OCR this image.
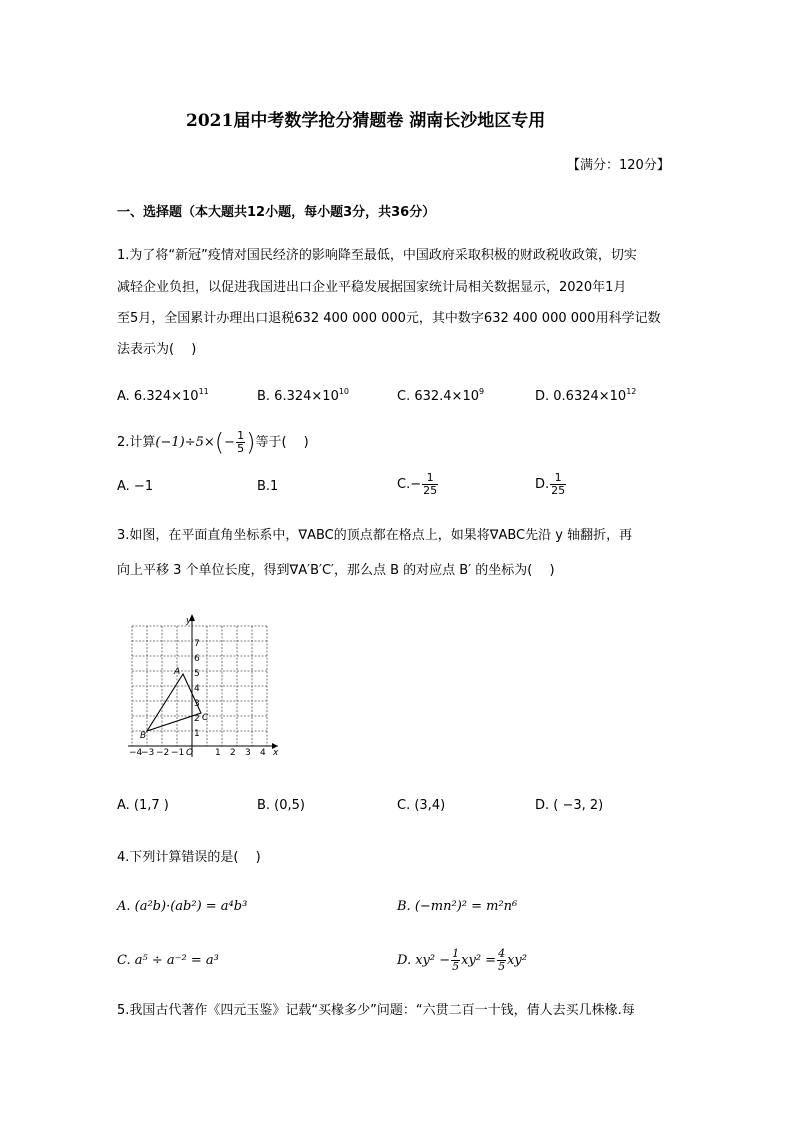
2021届中考数学抢分猜题卷 湖南长沙地区专用
【满分：120分】
一、选择题（本大题共12小题，每小题3分，共36分）
1.为了将“新冠”疫情对国民经济的影响降至最低，中国政府采取积极的财政税收政策，切实
减轻企业负担，以促进我国进出口企业平稳发展据国家统计局相关数据显示，2020年1月
至5月，全国累计办理出口退税632 400 000 000元，其中数字632 400 000 000用科学记数
法表示为(　 )
A. $6.324\times 10^{11}$	B. $6.324\times 10^{10}$	C. $632.4\times 10^9$	D. $0.6324\times 10^{12}$
2.计算$(-1)\div 5\times(- \frac{1}{5}$ )等于(　 )
A. −1	B.1	$C.- \frac{1}{25}$	D. $\frac{1}{25}$
3.如图，在平面直角坐标系中，∇ABC的顶点都在格点上，如果将∇ABC先沿 y 轴翻折，再
向上平移 3 个单位长度，得到∇A′B′C′，那么点 B 的对应点 B′ 的坐标为(　 )
−4
−3 −2 −1 O 1 2 3 4 x
1
2
3
4
5
6
7
y
A
B
C
A. (1,7 )	B. (0,5)	C. (3,4)	D. ( −3, 2)
4.下列计算错误的是(　 )
A. (a²b)·(ab²) = a⁴b³	B. (−mn²)² = m²n⁶
C. a⁵ ÷ a⁻² = a³	D. $xy^2 - \frac{1}{5} xy^2 = \frac{4}{5} xy^2$
5.我国古代著作《四元玉鉴》记载“买椽多少”问题：“六贯二百一十钱，倩人去买几株椽.每
